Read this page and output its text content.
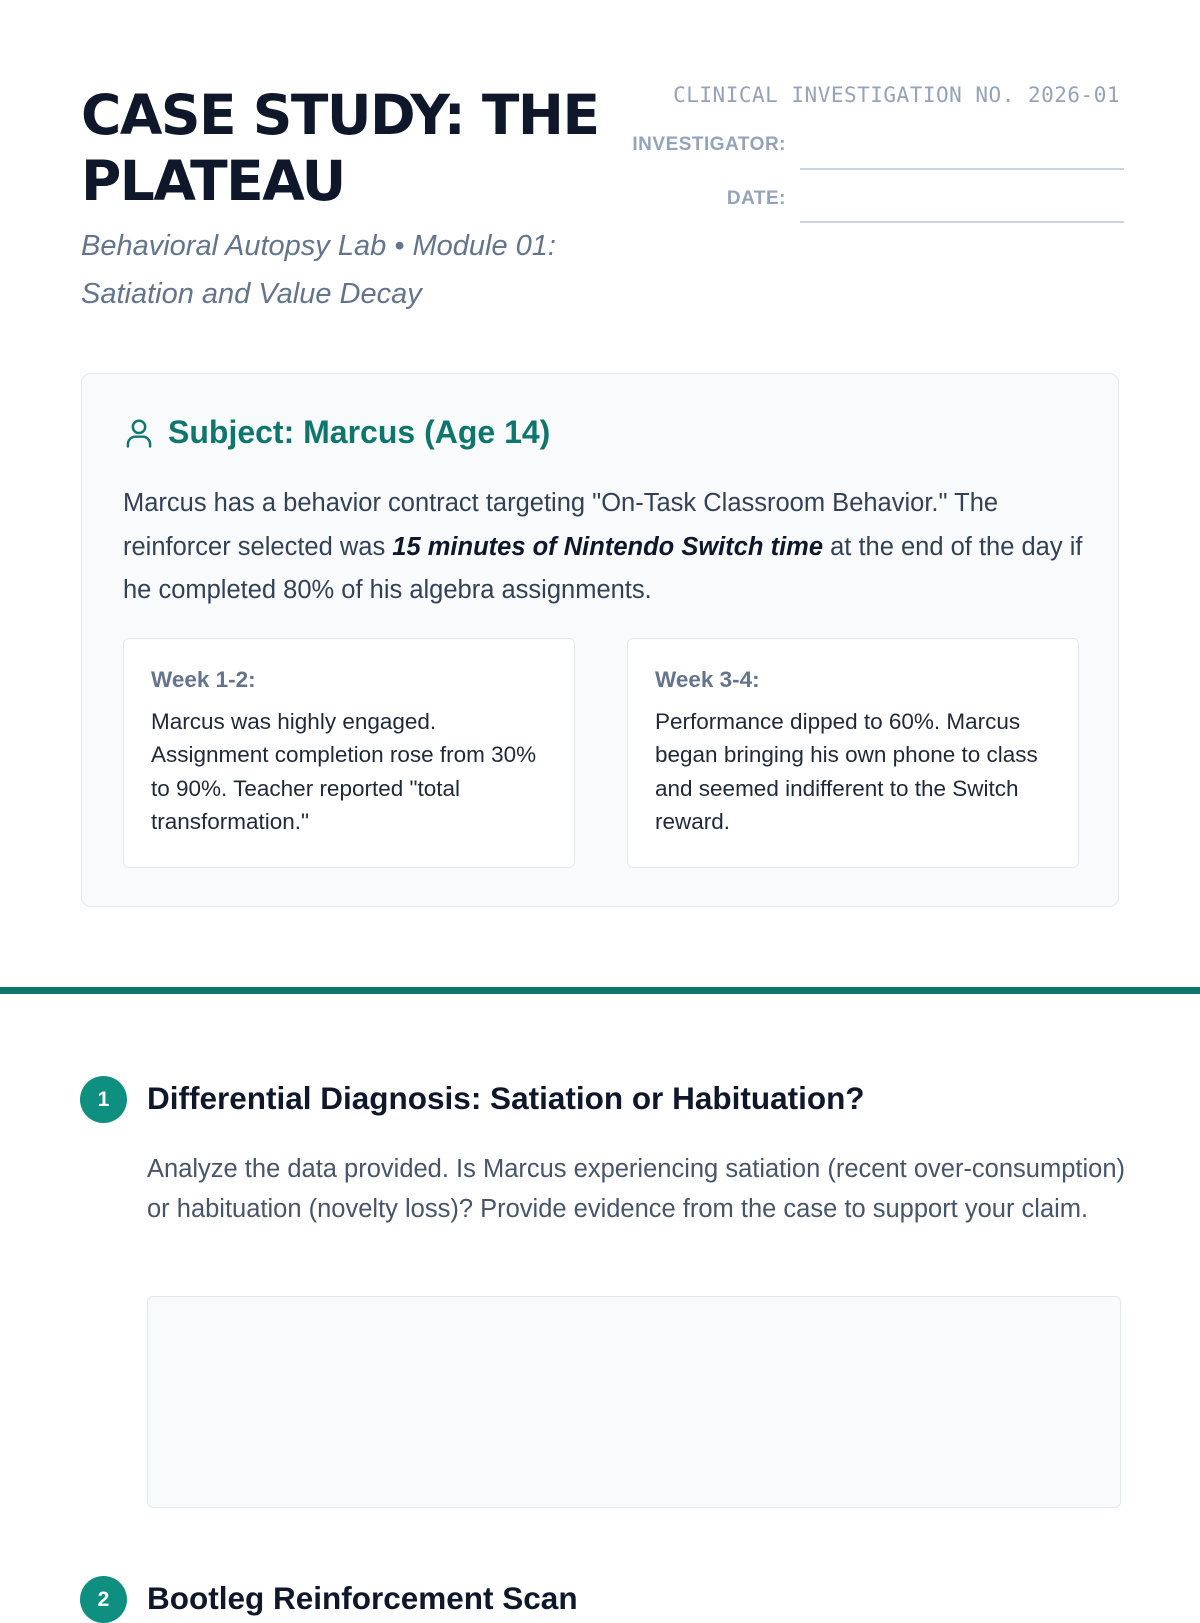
CASE STUDY: THE PLATEAU

Behavioral Autopsy Lab • Module 01: Satiation and Value Decay

CLINICAL INVESTIGATION NO. 2026-01
INVESTIGATOR:
DATE:
Subject: Marcus (Age 14)

Marcus has a behavior contract targeting "On-Task Classroom Behavior." The reinforcer selected was 15 minutes of Nintendo Switch time at the end of the day if he completed 80% of his algebra assignments.

Week 1-2:

Marcus was highly engaged. Assignment completion rose from 30% to 90%. Teacher reported "total transformation."

Week 3-4:

Performance dipped to 60%. Marcus began bringing his own phone to class and seemed indifferent to the Switch reward.

1	Differential Diagnosis: Satiation or Habituation?

Analyze the data provided. Is Marcus experiencing satiation (recent over-consumption) or habituation (novelty loss)? Provide evidence from the case to support your claim.

2	Bootleg Reinforcement Scan
